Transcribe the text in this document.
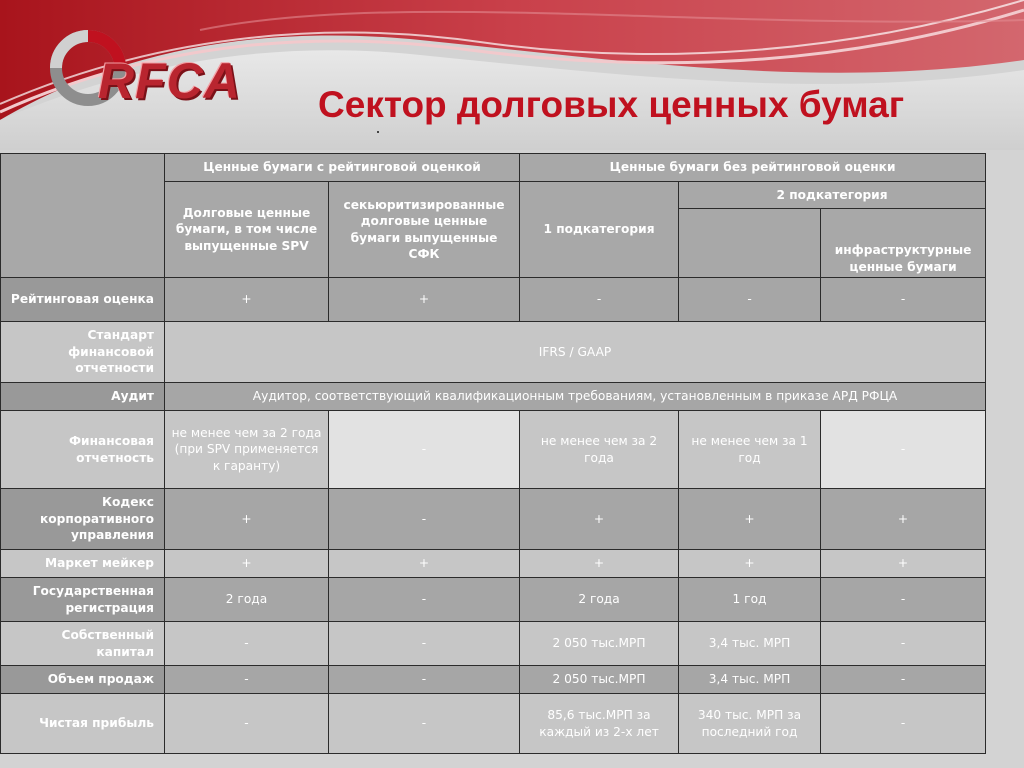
RFCA Сектор долговых ценных бумаг
	Ценные бумаги с рейтинговой оценкой		Ценные бумаги без рейтинговой оценки		
	Долговые ценные бумаги, в том числе выпущенные SPV	секьюритизированные долговые ценные бумаги выпущенные СФК	1 подкатегория	2 подкатегория	
					инфраструктурные ценные бумаги
Рейтинговая оценка	+	+	-	-	-
Стандарт финансовой отчетности	IFRS / GAAP				
Аудит	Аудитор, соответствующий квалификационным требованиям, установленным в приказе АРД РФЦА				
Финансовая отчетность	не менее чем за 2 года (при SPV применяется к гаранту)	-	не менее чем за 2 года	не менее чем за 1 год	-
Кодекс корпоративного управления	+	-	+	+	+
Маркет мейкер	+	+	+	+	+
Государственная регистрация	2 года	-	2 года	1 год	-
Собственный капитал	-	-	2 050 тыс.МРП	3,4 тыс. МРП	-
Объем продаж	-	-	2 050 тыс.МРП	3,4 тыс. МРП	-
Чистая прибыль	-	-	85,6 тыс.МРП за каждый из 2-х лет	340 тыс. МРП за последний год	-
